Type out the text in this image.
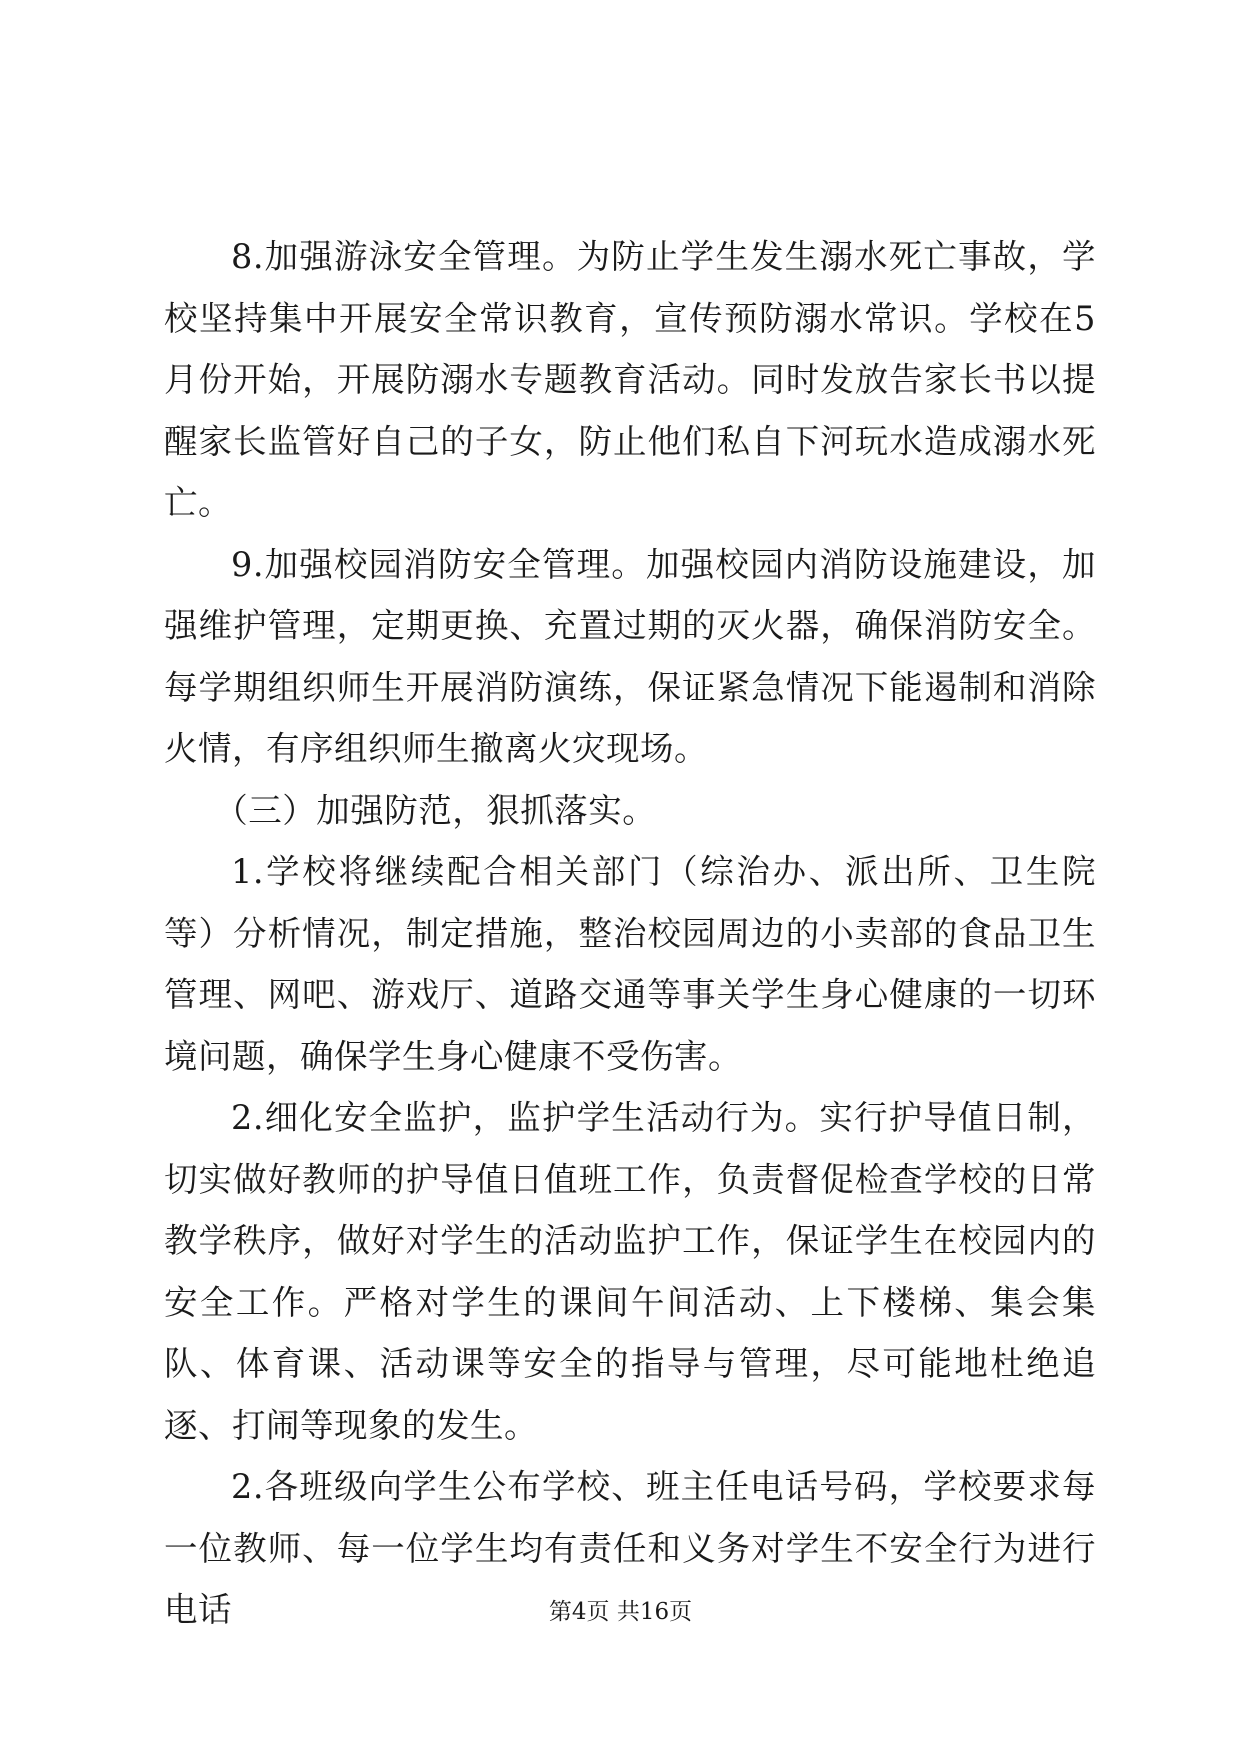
8.加强游泳安全管理。为防止学生发生溺水死亡事故，学校坚持集中开展安全常识教育，宣传预防溺水常识。学校在5月份开始，开展防溺水专题教育活动。同时发放告家长书以提醒家长监管好自己的子女，防止他们私自下河玩水造成溺水死亡。

9.加强校园消防安全管理。加强校园内消防设施建设，加强维护管理，定期更换、充置过期的灭火器，确保消防安全。每学期组织师生开展消防演练，保证紧急情况下能遏制和消除火情，有序组织师生撤离火灾现场。

（三）加强防范，狠抓落实。

1.学校将继续配合相关部门（综治办、派出所、卫生院等）分析情况，制定措施，整治校园周边的小卖部的食品卫生管理、网吧、游戏厅、道路交通等事关学生身心健康的一切环境问题，确保学生身心健康不受伤害。

2.细化安全监护，监护学生活动行为。实行护导值日制，切实做好教师的护导值日值班工作，负责督促检查学校的日常教学秩序，做好对学生的活动监护工作，保证学生在校园内的安全工作。严格对学生的课间午间活动、上下楼梯、集会集队、体育课、活动课等安全的指导与管理，尽可能地杜绝追逐、打闹等现象的发生。

2.各班级向学生公布学校、班主任电话号码，学校要求每一位教师、每一位学生均有责任和义务对学生不安全行为进行电话	第4页 共16页
